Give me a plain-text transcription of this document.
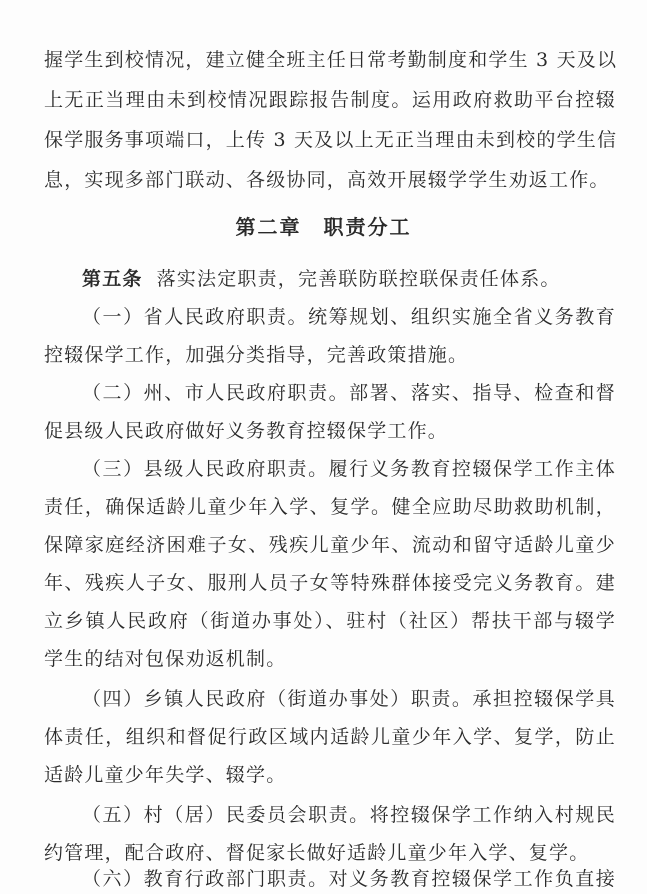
握学生到校情况，建立健全班主任日常考勤制度和学生 3 天及以
上无正当理由未到校情况跟踪报告制度。运用政府救助平台控辍
保学服务事项端口，上传 3 天及以上无正当理由未到校的学生信
息，实现多部门联动、各级协同，高效开展辍学学生劝返工作。
第二章　职责分工
第五条 落实法定职责，完善联防联控联保责任体系。
（一）省人民政府职责。统筹规划、组织实施全省义务教育
控辍保学工作，加强分类指导，完善政策措施。
（二）州、市人民政府职责。部署、落实、指导、检查和督
促县级人民政府做好义务教育控辍保学工作。
（三）县级人民政府职责。履行义务教育控辍保学工作主体
责任，确保适龄儿童少年入学、复学。健全应助尽助救助机制，
保障家庭经济困难子女、残疾儿童少年、流动和留守适龄儿童少
年、残疾人子女、服刑人员子女等特殊群体接受完义务教育。建
立乡镇人民政府（街道办事处）、驻村（社区）帮扶干部与辍学
学生的结对包保劝返机制。
（四）乡镇人民政府（街道办事处）职责。承担控辍保学具
体责任，组织和督促行政区域内适龄儿童少年入学、复学，防止
适龄儿童少年失学、辍学。
（五）村（居）民委员会职责。将控辍保学工作纳入村规民
约管理，配合政府、督促家长做好适龄儿童少年入学、复学。
（六）教育行政部门职责。对义务教育控辍保学工作负直接
